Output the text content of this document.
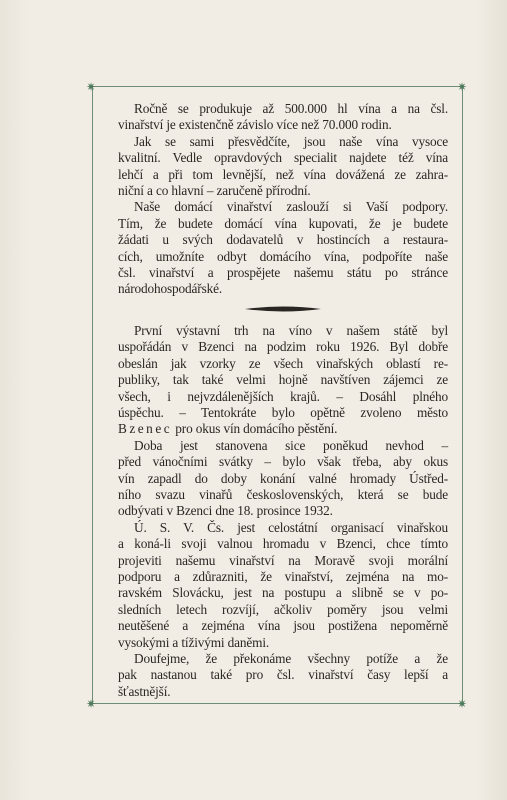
✷	✷
✷	✷

Ročně se produkuje až 500.000 hl vína a na čsl.
vinařství je existenčně závislo více než 70.000 rodin.

Jak se sami přesvědčíte, jsou naše vína vysoce
kvalitní. Vedle opravdových specialit najdete též vína
lehčí a při tom levnější, než vína dovážená ze zahra-
niční a co hlavní – zaručeně přírodní.

Naše domácí vinařství zaslouží si Vaší podpory.
Tím, že budete domácí vína kupovati, že je budete
žádati u svých dodavatelů v hostincích a restaura-
cích, umožníte odbyt domácího vína, podpoříte naše
čsl. vinařství a prospějete našemu státu po stránce
národohospodářské.

První výstavní trh na víno v našem státě byl
uspořádán v Bzenci na podzim roku 1926. Byl dobře
obeslán jak vzorky ze všech vinařských oblastí re-
publiky, tak také velmi hojně navštíven zájemci ze
všech, i nejvzdálenějších krajů. – Dosáhl plného
úspěchu. – Tentokráte bylo opětně zvoleno město
Bzenec pro okus vín domácího pěstění.

Doba jest stanovena sice poněkud nevhod –
před vánočními svátky – bylo však třeba, aby okus
vín zapadl do doby konání valné hromady Ústřed-
ního svazu vinařů československých, která se bude
odbývati v Bzenci dne 18. prosince 1932.

Ú. S. V. Čs. jest celostátní organisací vinařskou
a koná-li svoji valnou hromadu v Bzenci, chce tímto
projeviti našemu vinařství na Moravě svoji morální
podporu a zdůrazniti, že vinařství, zejména na mo-
ravském Slovácku, jest na postupu a slibně se v po-
sledních letech rozvíjí, ačkoliv poměry jsou velmi
neutěšené a zejména vína jsou postižena nepoměrně
vysokými a tíživými daněmi.

Doufejme, že překonáme všechny potíže a že
pak nastanou také pro čsl. vinařství časy lepší a
šťastnější.
